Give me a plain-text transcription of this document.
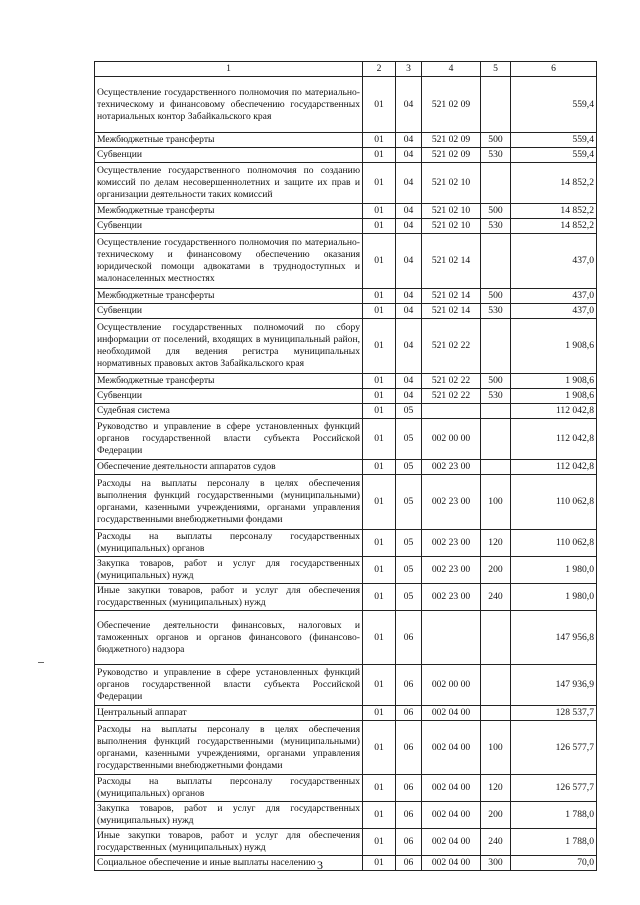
1	2	3	4	5	6
Осуществление государственного полномочия по материально-техническому и финансовому обеспечению государственных нотариальных контор Забайкальского края	01	04	521 02 09		559,4
Межбюджетные трансферты	01	04	521 02 09	500	559,4
Субвенции	01	04	521 02 09	530	559,4
Осуществление государственного полномочия по созданию комиссий по делам несовершеннолетних и защите их прав и организации деятельности таких комиссий	01	04	521 02 10		14 852,2
Межбюджетные трансферты	01	04	521 02 10	500	14 852,2
Субвенции	01	04	521 02 10	530	14 852,2
Осуществление государственного полномочия по материально-техническому и финансовому обеспечению оказания юридической помощи адвокатами в труднодоступных и малонаселенных местностях	01	04	521 02 14		437,0
Межбюджетные трансферты	01	04	521 02 14	500	437,0
Субвенции	01	04	521 02 14	530	437,0
Осуществление государственных полномочий по сбору информации от поселений, входящих в муниципальный район, необходимой для ведения регистра муниципальных нормативных правовых актов Забайкальского края	01	04	521 02 22		1 908,6
Межбюджетные трансферты	01	04	521 02 22	500	1 908,6
Субвенции	01	04	521 02 22	530	1 908,6
Судебная система	01	05			112 042,8
Руководство и управление в сфере установленных функций органов государственной власти субъекта Российской Федерации	01	05	002 00 00		112 042,8
Обеспечение деятельности аппаратов судов	01	05	002 23 00		112 042,8
Расходы на выплаты персоналу в целях обеспечения выполнения функций государственными (муниципальными) органами, казенными учреждениями, органами управления государственными внебюджетными фондами	01	05	002 23 00	100	110 062,8
Расходы на выплаты персоналу государственных (муниципальных) органов	01	05	002 23 00	120	110 062,8
Закупка товаров, работ и услуг для государственных (муниципальных) нужд	01	05	002 23 00	200	1 980,0
Иные закупки товаров, работ и услуг для обеспечения государственных (муниципальных) нужд	01	05	002 23 00	240	1 980,0
Обеспечение деятельности финансовых, налоговых и таможенных органов и органов финансового (финансово-бюджетного) надзора	01	06			147 956,8
Руководство и управление в сфере установленных функций органов государственной власти субъекта Российской Федерации	01	06	002 00 00		147 936,9
Центральный аппарат	01	06	002 04 00		128 537,7
Расходы на выплаты персоналу в целях обеспечения выполнения функций государственными (муниципальными) органами, казенными учреждениями, органами управления государственными внебюджетными фондами	01	06	002 04 00	100	126 577,7
Расходы на выплаты персоналу государственных (муниципальных) органов	01	06	002 04 00	120	126 577,7
Закупка товаров, работ и услуг для государственных (муниципальных) нужд	01	06	002 04 00	200	1 788,0
Иные закупки товаров, работ и услуг для обеспечения государственных (муниципальных) нужд	01	06	002 04 00	240	1 788,0
Социальное обеспечение и иные выплаты населению	01	06	002 04 00	300	70,0
3
